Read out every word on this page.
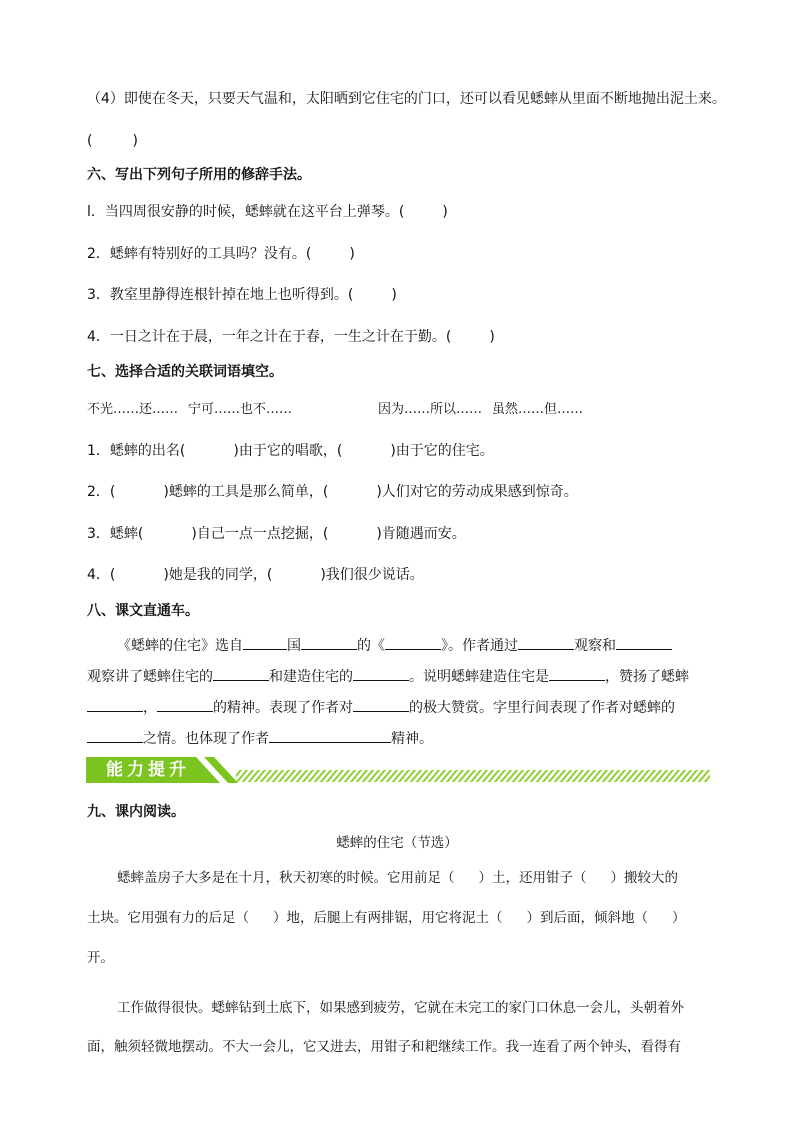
（4）即使在冬天，只要天气温和，太阳晒到它住宅的门口，还可以看见蟋蟀从里面不断地抛出泥土来。
(	)
六、写出下列句子所用的修辞手法。
l．当四周很安静的时候，蟋蟀就在这平台上弹琴。(	)
2．蟋蟀有特别好的工具吗？没有。(	)
3．教室里静得连根针掉在地上也听得到。(	)
4．一日之计在于晨，一年之计在于春，一生之计在于勤。(	)
七、选择合适的关联词语填空。
不光……还…… 宁可……也不……	因为……所以…… 虽然……但……
1．蟋蟀的出名(	)由于它的唱歌，(	)由于它的住宅。
2．(	)蟋蟀的工具是那么简单，(	)人们对它的劳动成果感到惊奇。
3．蟋蟀(	)自己一点一点挖掘，(	)肯随遇而安。
4．(	)她是我的同学，(	)我们很少说话。
八、课文直通车。
《蟋蟀的住宅》选自	国	的《	》。作者通过	观察和
观察讲了蟋蟀住宅的	和建造住宅的	。说明蟋蟀建造住宅是	，赞扬了蟋蟀
，	的精神。表现了作者对	的极大赞赏。字里行间表现了作者对蟋蟀的
之情。也体现了作者	精神。
能力提升
九、课内阅读。
蟋蟀的住宅（节选）
蟋蟀盖房子大多是在十月，秋天初寒的时候。它用前足（ ）土，还用钳子（ ）搬较大的
土块。它用强有力的后足（ ）地，后腿上有两排锯，用它将泥土（ ）到后面，倾斜地（ ）
开。
工作做得很快。蟋蟀钻到土底下，如果感到疲劳，它就在未完工的家门口休息一会儿，头朝着外
面，触须轻微地摆动。不大一会儿，它又进去，用钳子和耙继续工作。我一连看了两个钟头，看得有
